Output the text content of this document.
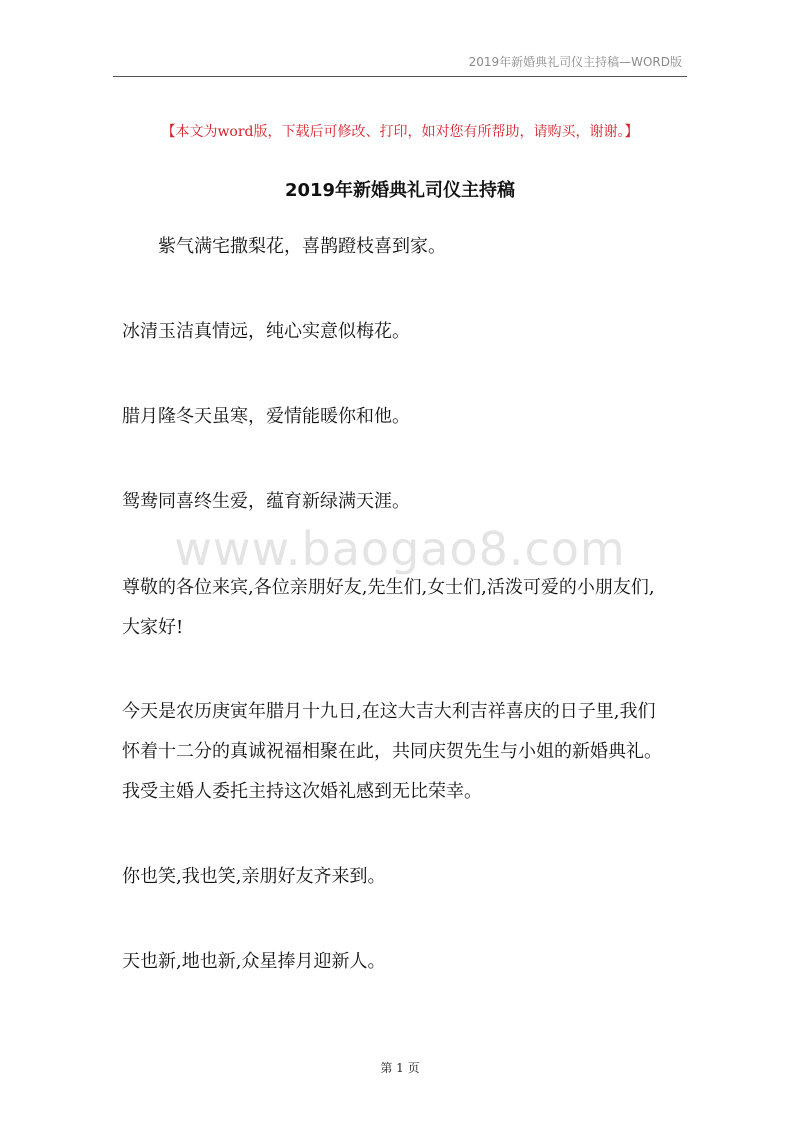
2019年新婚典礼司仪主持稿—WORD版
【本文为word版，下载后可修改、打印，如对您有所帮助，请购买，谢谢。】
2019年新婚典礼司仪主持稿
紫气满宅撒梨花，喜鹊蹬枝喜到家。
冰清玉洁真情远，纯心实意似梅花。
腊月隆冬天虽寒，爱情能暖你和他。
鸳鸯同喜终生爱，蕴育新绿满天涯。
www.baogao8.com
尊敬的各位来宾,各位亲朋好友,先生们,女士们,活泼可爱的小朋友们,
大家好!
今天是农历庚寅年腊月十九日,在这大吉大利吉祥喜庆的日子里,我们
怀着十二分的真诚祝福相聚在此，共同庆贺先生与小姐的新婚典礼。
我受主婚人委托主持这次婚礼感到无比荣幸。
你也笑,我也笑,亲朋好友齐来到。
天也新,地也新,众星捧月迎新人。
第 1 页
